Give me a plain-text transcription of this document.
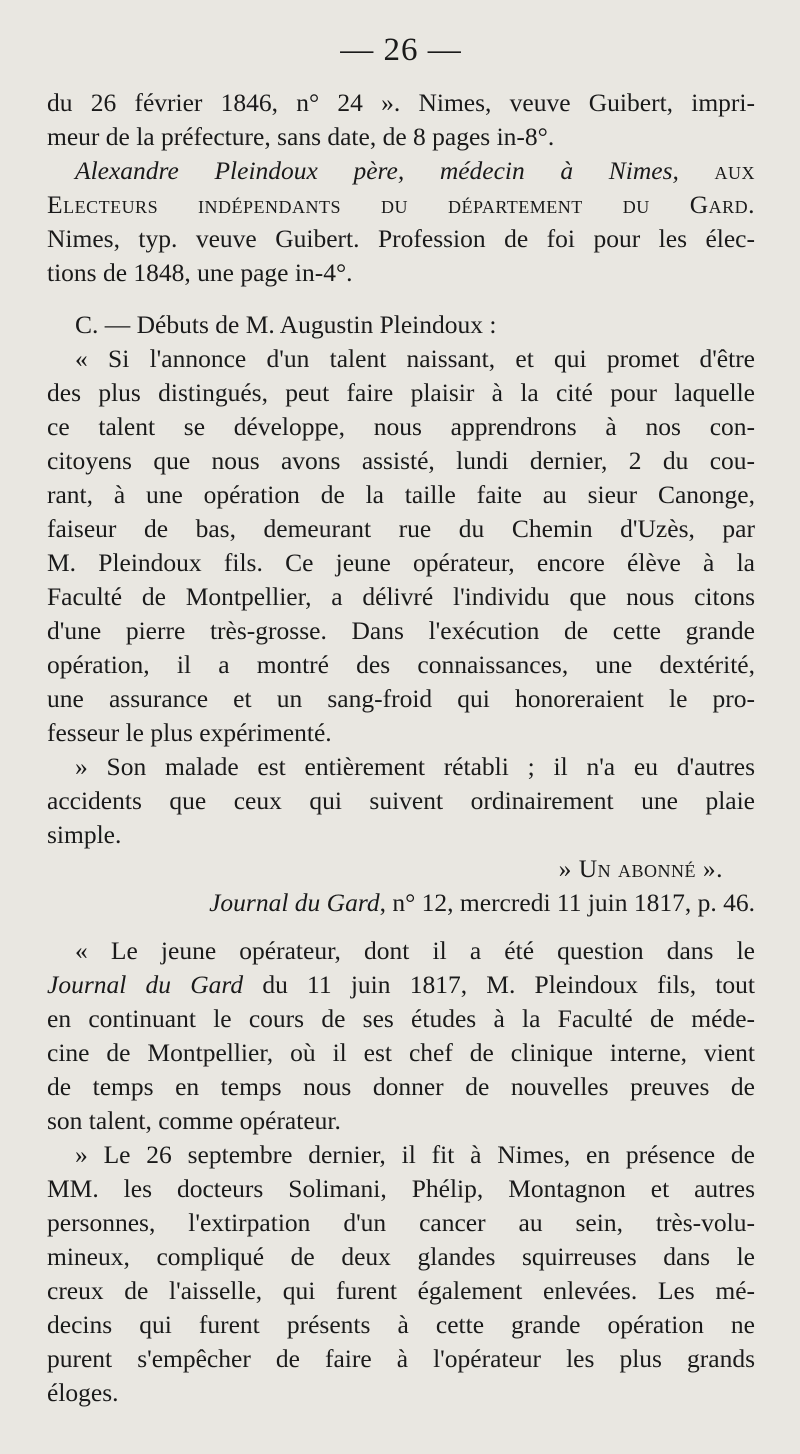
— 26 —
du 26 février 1846, n° 24 ». Nimes, veuve Guibert, impri-
meur de la préfecture, sans date, de 8 pages in-8°.
Alexandre Pleindoux père, médecin à Nimes, aux
Electeurs indépendants du département du Gard.
Nimes, typ. veuve Guibert. Profession de foi pour les élec-
tions de 1848, une page in-4°.
C. — Débuts de M. Augustin Pleindoux :
« Si l'annonce d'un talent naissant, et qui promet d'être
des plus distingués, peut faire plaisir à la cité pour laquelle
ce talent se développe, nous apprendrons à nos con-
citoyens que nous avons assisté, lundi dernier, 2 du cou-
rant, à une opération de la taille faite au sieur Canonge,
faiseur de bas, demeurant rue du Chemin d'Uzès, par
M. Pleindoux fils. Ce jeune opérateur, encore élève à la
Faculté de Montpellier, a délivré l'individu que nous citons
d'une pierre très-grosse. Dans l'exécution de cette grande
opération, il a montré des connaissances, une dextérité,
une assurance et un sang-froid qui honoreraient le pro-
fesseur le plus expérimenté.
» Son malade est entièrement rétabli ; il n'a eu d'autres
accidents que ceux qui suivent ordinairement une plaie
simple.
» Un abonné ».
Journal du Gard, n° 12, mercredi 11 juin 1817, p. 46.
« Le jeune opérateur, dont il a été question dans le
Journal du Gard du 11 juin 1817, M. Pleindoux fils, tout
en continuant le cours de ses études à la Faculté de méde-
cine de Montpellier, où il est chef de clinique interne, vient
de temps en temps nous donner de nouvelles preuves de
son talent, comme opérateur.
» Le 26 septembre dernier, il fit à Nimes, en présence de
MM. les docteurs Solimani, Phélip, Montagnon et autres
personnes, l'extirpation d'un cancer au sein, très-volu-
mineux, compliqué de deux glandes squirreuses dans le
creux de l'aisselle, qui furent également enlevées. Les mé-
decins qui furent présents à cette grande opération ne
purent s'empêcher de faire à l'opérateur les plus grands
éloges.
